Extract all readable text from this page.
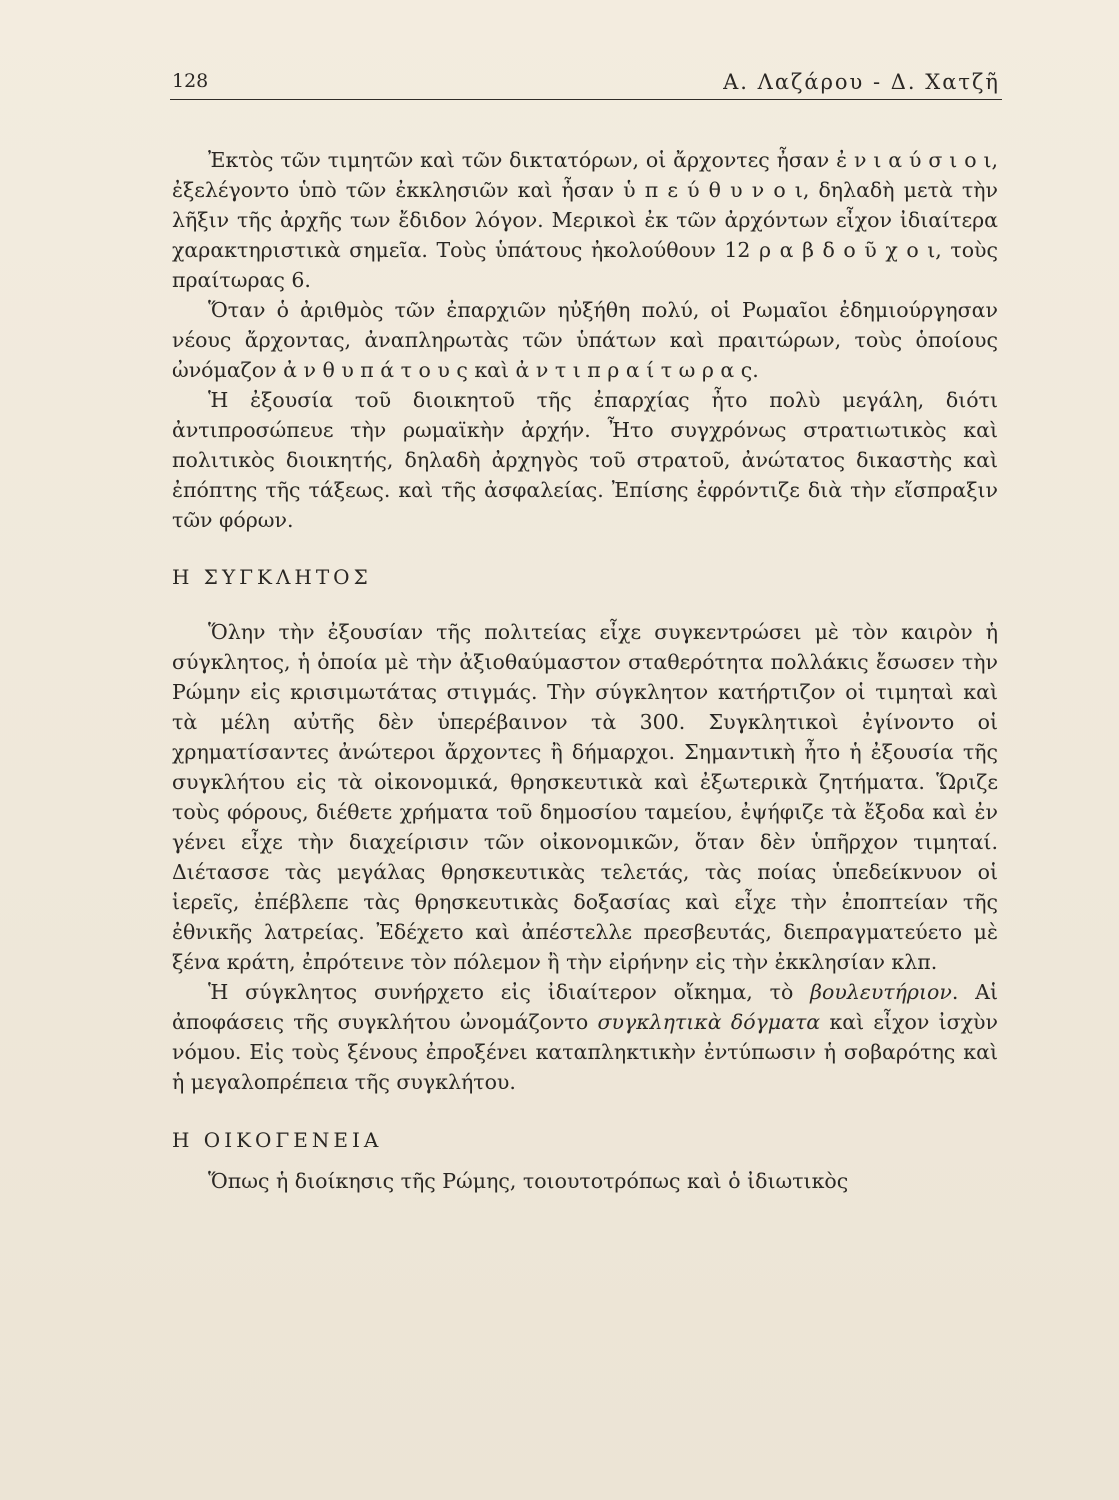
128	Α. Λαζάρου - Δ. Χατζῆ

Ἐκτὸς τῶν τιμητῶν καὶ τῶν δικτατόρων, οἱ ἄρχοντες ἦσαν ἐ ν ι α ύ σ ι ο ι, ἐξελέγοντο ὑπὸ τῶν ἐκκλησιῶν καὶ ἦσαν ὑ π ε ύ θ υ ν ο ι, δηλαδὴ μετὰ τὴν λῆξιν τῆς ἀρχῆς των ἔδιδον λόγον. Μερικοὶ ἐκ τῶν ἀρχόντων εἶχον ἰδιαίτερα χαρακτηριστικὰ σημεῖα. Τοὺς ὑπάτους ἠκολούθουν 12 ρ α β δ ο ῦ χ ο ι, τοὺς πραίτωρας 6.

Ὅταν ὁ ἀριθμὸς τῶν ἐπαρχιῶν ηὐξήθη πολύ, οἱ Ρωμαῖοι ἐδημιούργησαν νέους ἄρχοντας, ἀναπληρωτὰς τῶν ὑπάτων καὶ πραιτώρων, τοὺς ὁποίους ὠνόμαζον ἀ ν θ υ π ά τ ο υ ς καὶ ἀ ν τ ι π ρ α ί τ ω ρ α ς.

Ἡ ἐξουσία τοῦ διοικητοῦ τῆς ἐπαρχίας ἦτο πολὺ μεγάλη, διότι ἀντιπροσώπευε τὴν ρωμαϊκὴν ἀρχήν. Ἦτο συγχρόνως στρατιωτικὸς καὶ πολιτικὸς διοικητής, δηλαδὴ ἀρχηγὸς τοῦ στρατοῦ, ἀνώτατος δικαστὴς καὶ ἐπόπτης τῆς τάξεως. καὶ τῆς ἀσφαλείας. Ἐπίσης ἐφρόντιζε διὰ τὴν εἴσπραξιν τῶν φόρων.

Η ΣΥΓΚΛΗΤΟΣ

Ὅλην τὴν ἐξουσίαν τῆς πολιτείας εἶχε συγκεντρώσει μὲ τὸν καιρὸν ἡ σύγκλητος, ἡ ὁποία μὲ τὴν ἀξιοθαύμαστον σταθερότητα πολλάκις ἔσωσεν τὴν Ρώμην εἰς κρισιμωτάτας στιγμάς. Τὴν σύγκλητον κατήρτιζον οἱ τιμηταὶ καὶ τὰ μέλη αὐτῆς δὲν ὑπερέβαινον τὰ 300. Συγκλητικοὶ ἐγίνοντο οἱ χρηματίσαντες ἀνώτεροι ἄρχοντες ἢ δήμαρχοι. Σημαντικὴ ἦτο ἡ ἐξουσία τῆς συγκλήτου εἰς τὰ οἰκονομικά, θρησκευτικὰ καὶ ἐξωτερικὰ ζητήματα. Ὥριζε τοὺς φόρους, διέθετε χρήματα τοῦ δημοσίου ταμείου, ἐψήφιζε τὰ ἔξοδα καὶ ἐν γένει εἶχε τὴν διαχείρισιν τῶν οἰκονομικῶν, ὅταν δὲν ὑπῆρχον τιμηταί. Διέτασσε τὰς μεγάλας θρησκευτικὰς τελετάς, τὰς ποίας ὑπεδείκνυον οἱ ἱερεῖς, ἐπέβλεπε τὰς θρησκευτικὰς δοξασίας καὶ εἶχε τὴν ἐποπτείαν τῆς ἐθνικῆς λατρείας. Ἐδέχετο καὶ ἀπέστελλε πρεσβευτάς, διεπραγματεύετο μὲ ξένα κράτη, ἐπρότεινε τὸν πόλεμον ἢ τὴν εἰρήνην εἰς τὴν ἐκκλησίαν κλπ.

Ἡ σύγκλητος συνήρχετο εἰς ἰδιαίτερον οἴκημα, τὸ βουλευτήριον. Αἱ ἀποφάσεις τῆς συγκλήτου ὠνομάζοντο συγκλητικὰ δόγματα καὶ εἶχον ἰσχὺν νόμου. Εἰς τοὺς ξένους ἐπροξένει καταπληκτικὴν ἐντύπωσιν ἡ σοβαρότης καὶ ἡ μεγαλοπρέπεια τῆς συγκλήτου.

Η ΟΙΚΟΓΕΝΕΙΑ

Ὅπως ἡ διοίκησις τῆς Ρώμης, τοιουτοτρόπως καὶ ὁ ἰδιωτικὸς
